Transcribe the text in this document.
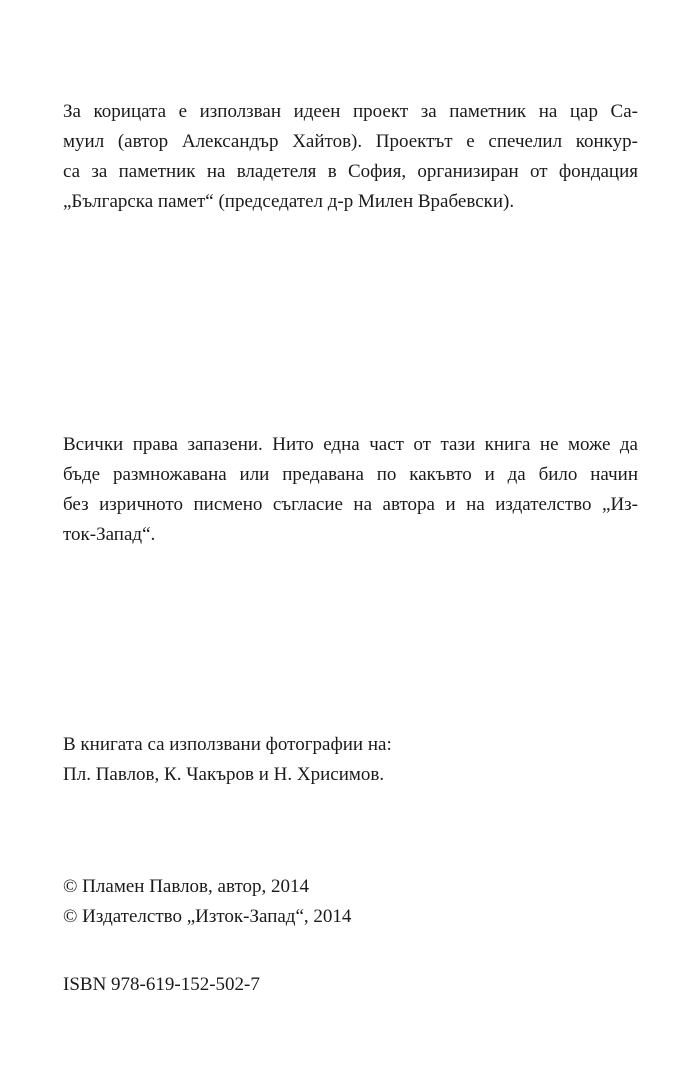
За корицата е използван идеен проект за паметник на цар Са-
муил (автор Александър Хайтов). Проектът е спечелил конкур-
са за паметник на владетеля в София, организиран от фондация
„Българска памет“ (председател д-р Милен Врабевски).
Всички права запазени. Нито една част от тази книга не може да
бъде размножавана или предавана по какъвто и да било начин
без изричното писмено съгласие на автора и на издателство „Из-
ток-Запад“.
В книгата са използвани фотографии на:
Пл. Павлов, К. Чакъров и Н. Хрисимов.
© Пламен Павлов, автор, 2014
© Издателство „Изток-Запад“, 2014
ISBN 978-619-152-502-7
